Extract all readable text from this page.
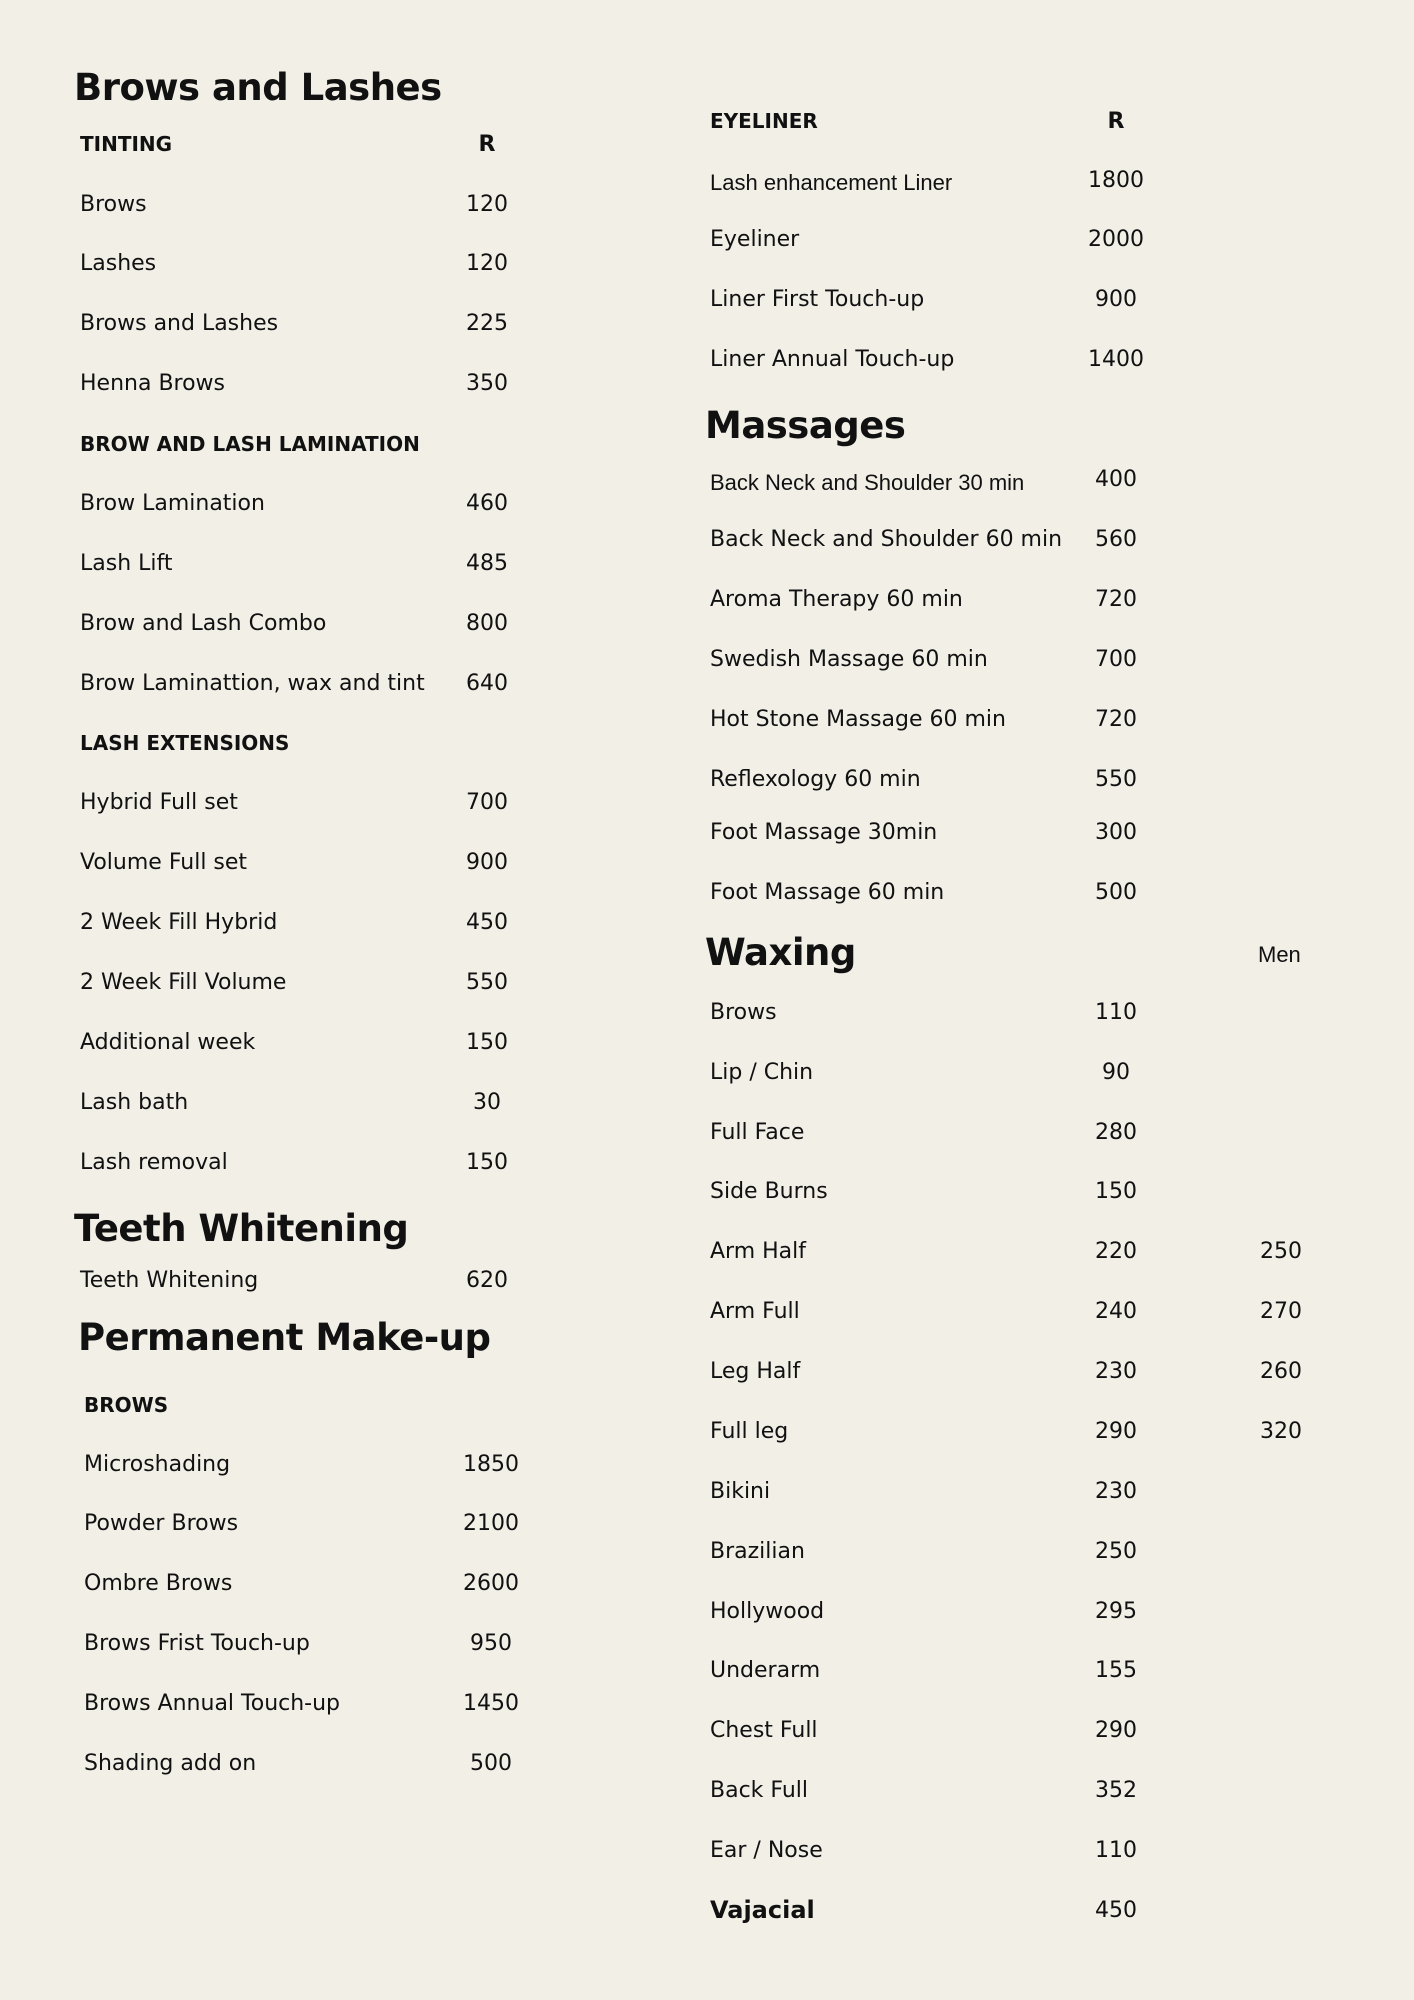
Brows and Lashes
TINTING	R
Brows	120
Lashes	120
Brows and Lashes	225
Henna Brows	350
BROW AND LASH LAMINATION
Brow Lamination	460
Lash Lift	485
Brow and Lash Combo	800
Brow Laminattion, wax and tint	640
LASH EXTENSIONS
Hybrid Full set	700
Volume Full set	900
2 Week Fill Hybrid	450
2 Week Fill Volume	550
Additional week	150
Lash bath	30
Lash removal	150
Teeth Whitening
Teeth Whitening	620
Permanent Make-up
BROWS
Microshading	1850
Powder Brows	2100
Ombre Brows	2600
Brows Frist Touch-up	950
Brows Annual Touch-up	1450
Shading add on	500
EYELINER	R
Lash enhancement Liner	1800
Eyeliner	2000
Liner First Touch-up	900
Liner Annual Touch-up	1400
Massages
Back Neck and Shoulder 30 min	400
Back Neck and Shoulder 60 min	560
Aroma Therapy 60 min	720
Swedish Massage 60 min	700
Hot Stone Massage 60 min	720
Reflexology 60 min	550
Foot Massage 30min	300
Foot Massage 60 min	500
Waxing	Men
Brows	110
Lip / Chin	90
Full Face	280
Side Burns	150
Arm Half	220	250
Arm Full	240	270
Leg Half	230	260
Full leg	290	320
Bikini	230
Brazilian	250
Hollywood	295
Underarm	155
Chest Full	290
Back Full	352
Ear / Nose	110
Vajacial	450
